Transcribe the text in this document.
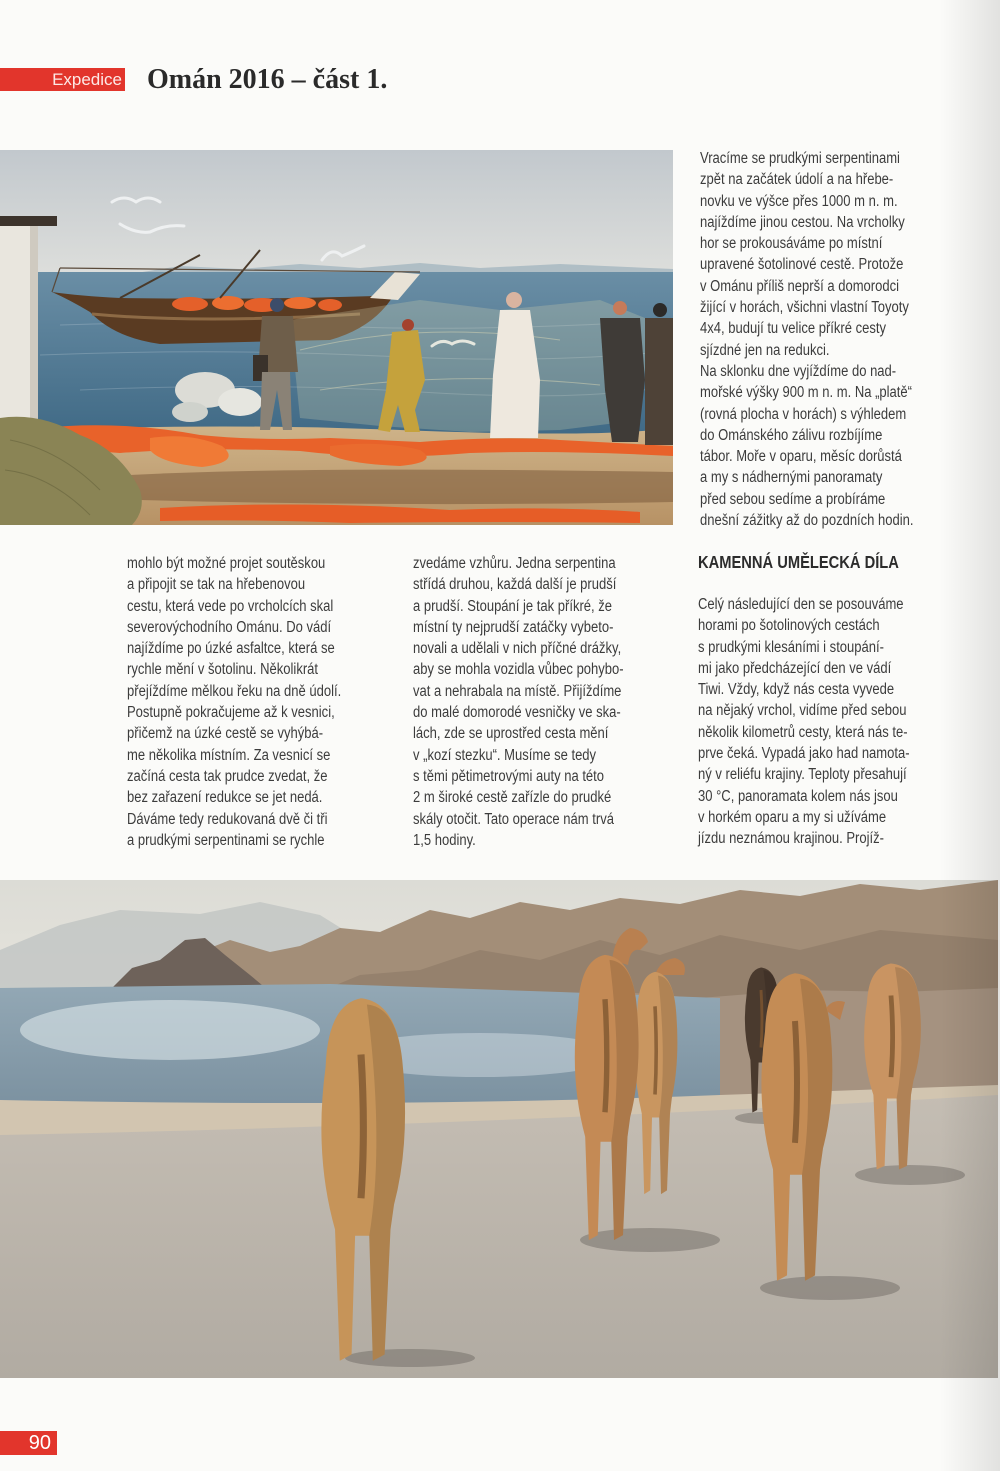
Expedice Omán 2016 – část 1.
Vracíme se prudkými serpentinami
zpět na začátek údolí a na hřebe-
novku ve výšce přes 1000 m n. m.
najíždíme jinou cestou. Na vrcholky
hor se prokousáváme po místní
upravené šotolinové cestě. Protože
v Ománu příliš neprší a domorodci
žijící v horách, všichni vlastní Toyoty
4x4, budují tu velice příkré cesty
sjízdné jen na redukci.
Na sklonku dne vyjíždíme do nad-
mořské výšky 900 m n. m. Na „platě“
(rovná plocha v horách) s výhledem
do Ománského zálivu rozbíjíme
tábor. Moře v oparu, měsíc dorůstá
a my s nádhernými panoramaty
před sebou sedíme a probíráme
dnešní zážitky až do pozdních hodin.
mohlo být možné projet soutěskou
a připojit se tak na hřebenovou
cestu, která vede po vrcholcích skal
severovýchodního Ománu. Do vádí
najíždíme po úzké asfaltce, která se
rychle mění v šotolinu. Několikrát
přejíždíme mělkou řeku na dně údolí.
Postupně pokračujeme až k vesnici,
přičemž na úzké cestě se vyhýbá-
me několika místním. Za vesnicí se
začíná cesta tak prudce zvedat, že
bez zařazení redukce se jet nedá.
Dáváme tedy redukovaná dvě či tři
a prudkými serpentinami se rychle
zvedáme vzhůru. Jedna serpentina
střídá druhou, každá další je prudší
a prudší. Stoupání je tak příkré, že
místní ty nejprudší zatáčky vybeto-
novali a udělali v nich příčné drážky,
aby se mohla vozidla vůbec pohybo-
vat a nehrabala na místě. Přijíždíme
do malé domorodé vesničky ve ska-
lách, zde se uprostřed cesta mění
v „kozí stezku“. Musíme se tedy
s těmi pětimetrovými auty na této
2 m široké cestě zařízle do prudké
skály otočit. Tato operace nám trvá
1,5 hodiny.
KAMENNÁ UMĚLECKÁ DÍLA
Celý následující den se posouváme
horami po šotolinových cestách
s prudkými klesáními i stoupání-
mi jako předcházející den ve vádí
Tiwi. Vždy, když nás cesta vyvede
na nějaký vrchol, vidíme před sebou
několik kilometrů cesty, která nás te-
prve čeká. Vypadá jako had namota-
ný v reliéfu krajiny. Teploty přesahují
30 °C, panoramata kolem nás jsou
v horkém oparu a my si užíváme
jízdu neznámou krajinou. Projíž-
90
